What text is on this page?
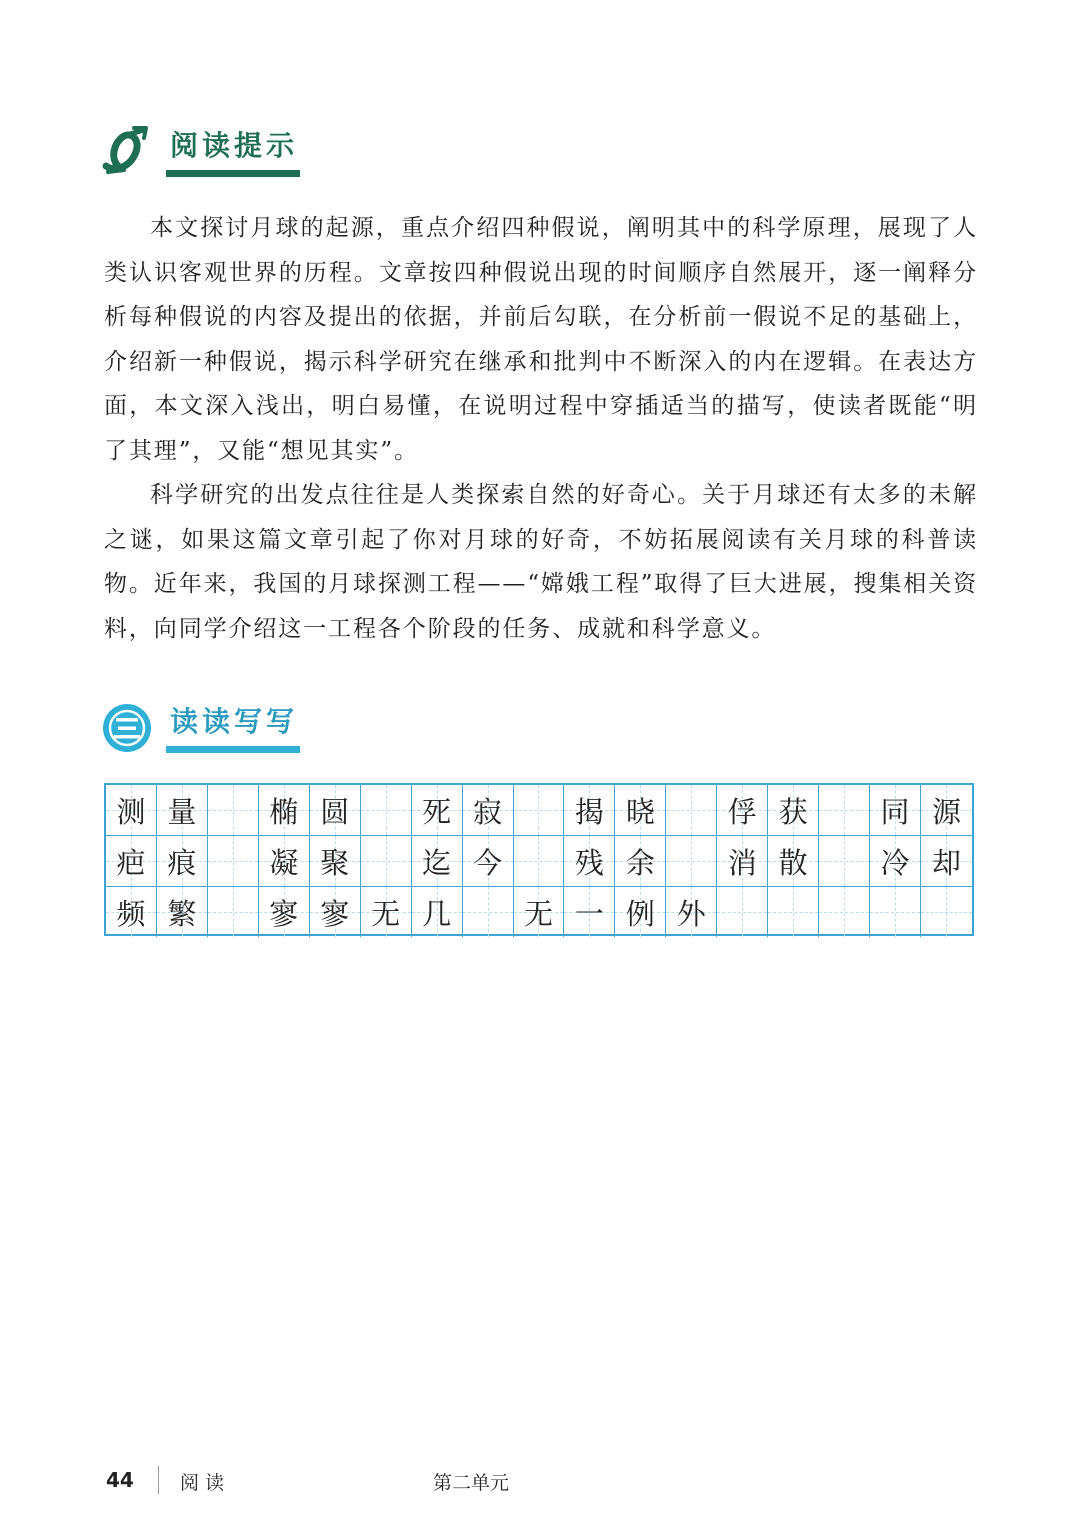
阅读提示

本文探讨月球的起源，重点介绍四种假说，阐明其中的科学原理，展现了人类认识客观世界的历程。文章按四种假说出现的时间顺序自然展开，逐一阐释分析每种假说的内容及提出的依据，并前后勾联，在分析前一假说不足的基础上，介绍新一种假说，揭示科学研究在继承和批判中不断深入的内在逻辑。在表达方面，本文深入浅出，明白易懂，在说明过程中穿插适当的描写，使读者既能“明了其理”，又能“想见其实”。

科学研究的出发点往往是人类探索自然的好奇心。关于月球还有太多的未解之谜，如果这篇文章引起了你对月球的好奇，不妨拓展阅读有关月球的科普读物。近年来，我国的月球探测工程——“嫦娥工程”取得了巨大进展，搜集相关资料，向同学介绍这一工程各个阶段的任务、成就和科学意义。

读读写写
测 量	椭 圆	死 寂	揭 晓	俘 获	同 源
疤 痕	凝 聚	迄 今	残 余	消 散	冷 却
频 繁	寥 寥 无 几	无 一 例 外
44 阅读	第二单元
